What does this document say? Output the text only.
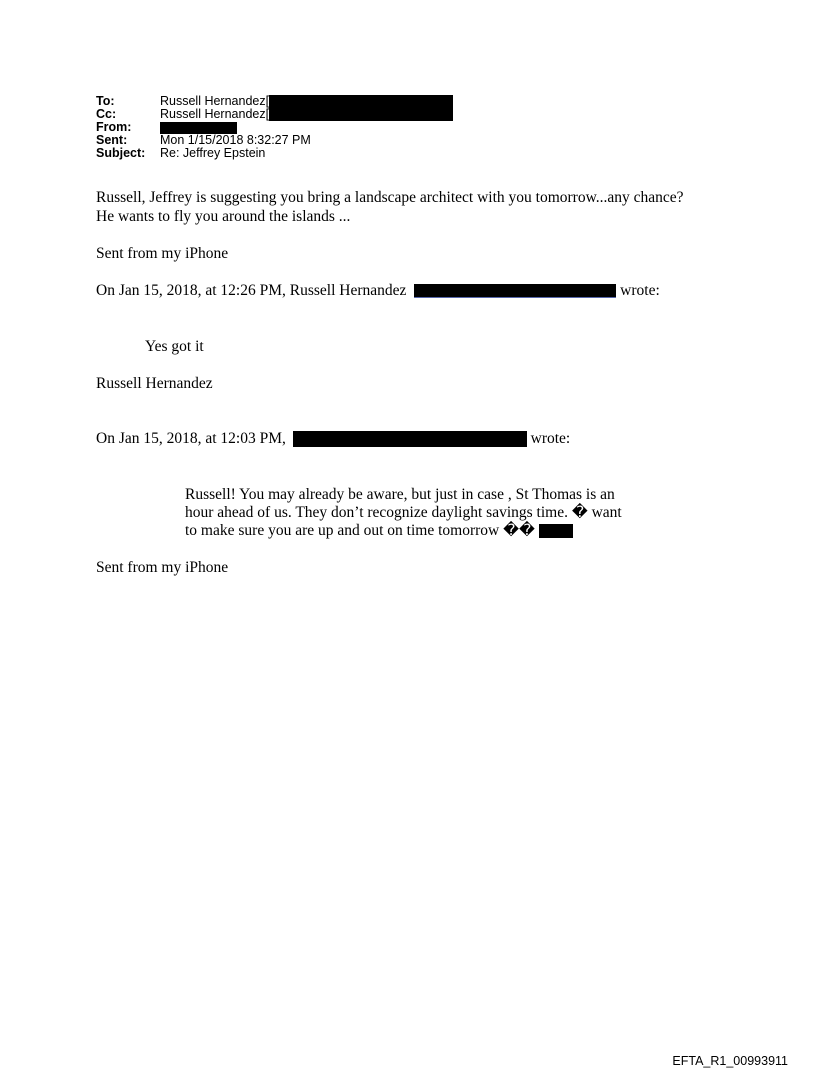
To:	Russell Hernandez[
Cc:	Russell Hernandez[
From:
Sent:	Mon 1/15/2018 8:32:27 PM
Subject:	Re: Jeffrey Epstein
Russell, Jeffrey is suggesting you bring a landscape architect with you tomorrow...any chance?
He wants to fly you around the islands ...
Sent from my iPhone
On Jan 15, 2018, at 12:26 PM, Russell Hernandez	wrote:
Yes got it
Russell Hernandez
On Jan 15, 2018, at 12:03 PM,	wrote:
Russell! You may already be aware, but just in case , St Thomas is an
hour ahead of us. They don’t recognize daylight savings time. � want
to make sure you are up and out on time tomorrow ��
Sent from my iPhone
EFTA_R1_00993911
